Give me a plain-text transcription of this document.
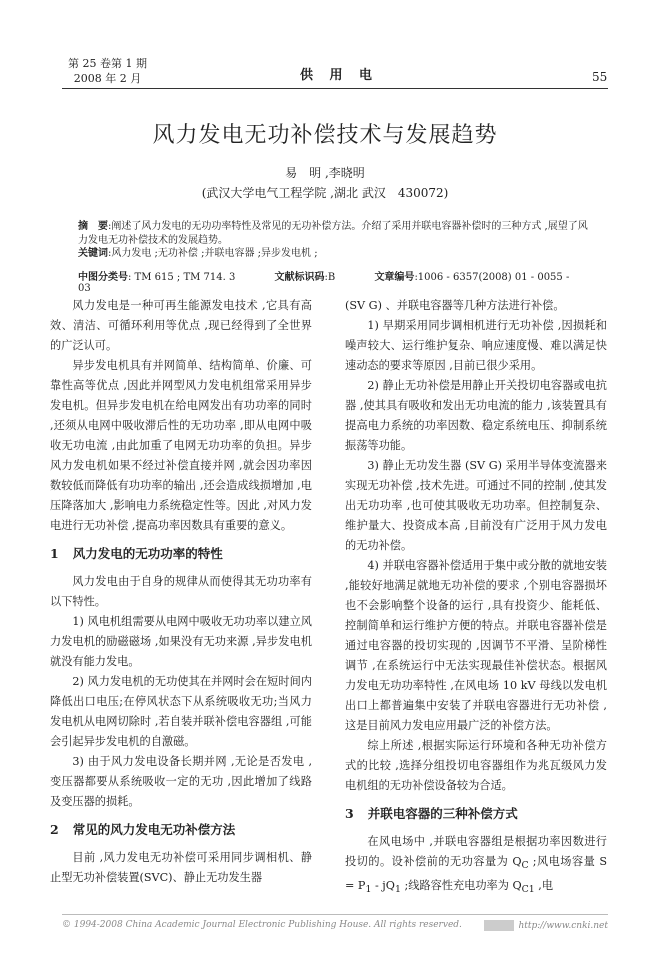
第 25 卷第 1 期
2008 年 2 月	供 用 电	55
风力发电无功补偿技术与发展趋势
易　明 ,李晓明
(武汉大学电气工程学院 ,湖北 武汉　430072)
摘　要:阐述了风力发电的无功功率特性及常见的无功补偿方法。介绍了采用并联电容器补偿时的三种方式 ,展望了风力发电无功补偿技术的发展趋势。
关键词:风力发电 ;无功补偿 ;并联电容器 ;异步发电机 ;
中图分类号: TM 615 ; TM 714. 3	文献标识码:B	文章编号:1006 - 6357(2008) 01 - 0055 - 03

风力发电是一种可再生能源发电技术 ,它具有高效、清洁、可循环利用等优点 ,现已经得到了全世界的广泛认可。

异步发电机具有并网简单、结构简单、价廉、可靠性高等优点 ,因此并网型风力发电机组常采用异步发电机。但异步发电机在给电网发出有功功率的同时 ,还须从电网中吸收滞后性的无功功率 ,即从电网中吸收无功电流 ,由此加重了电网无功功率的负担。异步风力发电机如果不经过补偿直接并网 ,就会因功率因数较低而降低有功功率的输出 ,还会造成线损增加 ,电压降落加大 ,影响电力系统稳定性等。因此 ,对风力发电进行无功补偿 ,提高功率因数具有重要的意义。

1 风力发电的无功功率的特性

风力发电由于自身的规律从而使得其无功功率有以下特性。

1) 风电机组需要从电网中吸收无功功率以建立风力发电机的励磁磁场 ,如果没有无功来源 ,异步发电机就没有能力发电。

2) 风力发电机的无功使其在并网时会在短时间内降低出口电压;在停风状态下从系统吸收无功;当风力发电机从电网切除时 ,若自装并联补偿电容器组 ,可能会引起异步发电机的自激磁。

3) 由于风力发电设备长期并网 ,无论是否发电 ,变压器都要从系统吸收一定的无功 ,因此增加了线路及变压器的损耗。

2 常见的风力发电无功补偿方法

目前 ,风力发电无功补偿可采用同步调相机、静止型无功补偿装置(SVC)、静止无功发生器

(SV G) 、并联电容器等几种方法进行补偿。

1) 早期采用同步调相机进行无功补偿 ,因损耗和噪声较大、运行维护复杂、响应速度慢、难以满足快速动态的要求等原因 ,目前已很少采用。

2) 静止无功补偿是用静止开关投切电容器或电抗器 ,使其具有吸收和发出无功电流的能力 ,该装置具有提高电力系统的功率因数、稳定系统电压、抑制系统振荡等功能。

3) 静止无功发生器 (SV G) 采用半导体变流器来实现无功补偿 ,技术先进。可通过不同的控制 ,使其发出无功功率 ,也可使其吸收无功功率。但控制复杂、维护量大、投资成本高 ,目前没有广泛用于风力发电的无功补偿。

4) 并联电容器补偿适用于集中或分散的就地安装 ,能较好地满足就地无功补偿的要求 ,个别电容器损坏也不会影响整个设备的运行 ,具有投资少、能耗低、控制简单和运行维护方便的特点。并联电容器补偿是通过电容器的投切实现的 ,因调节不平滑、呈阶梯性调节 ,在系统运行中无法实现最佳补偿状态。根据风力发电无功功率特性 ,在风电场 10 kV 母线以发电机出口上都普遍集中安装了并联电容器进行无功补偿 ,这是目前风力发电应用最广泛的补偿方法。

综上所述 ,根据实际运行环境和各种无功补偿方式的比较 ,选择分组投切电容器组作为兆瓦级风力发电机组的无功补偿设备较为合适。

3 并联电容器的三种补偿方式

在风电场中 ,并联电容器组是根据功率因数进行投切的。设补偿前的无功容量为 $Q_C$ ;风电场容量 $S = P_1 - jQ_1$ ;线路容性充电功率为 $Q_{C1}$ ,电

© 1994-2008 China Academic Journal Electronic Publishing House. All rights reserved.	http://www.cnki.net
